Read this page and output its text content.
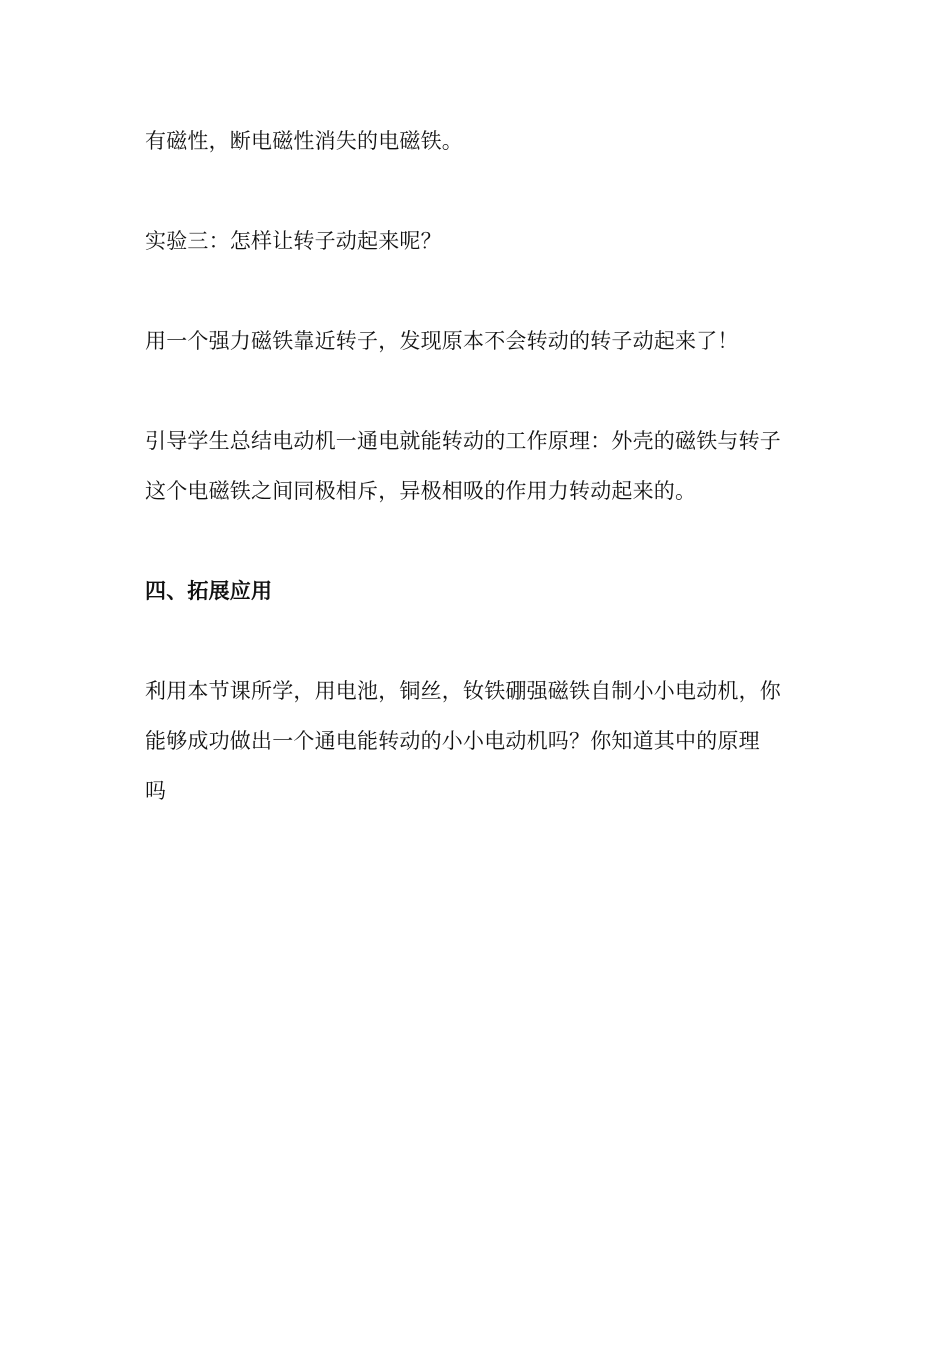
有磁性，断电磁性消失的电磁铁。
实验三：怎样让转子动起来呢？
用一个强力磁铁靠近转子，发现原本不会转动的转子动起来了！
引导学生总结电动机一通电就能转动的工作原理：外壳的磁铁与转子
这个电磁铁之间同极相斥，异极相吸的作用力转动起来的。
四、拓展应用
利用本节课所学，用电池，铜丝，钕铁硼强磁铁自制小小电动机，你
能够成功做出一个通电能转动的小小电动机吗？你知道其中的原理
吗
